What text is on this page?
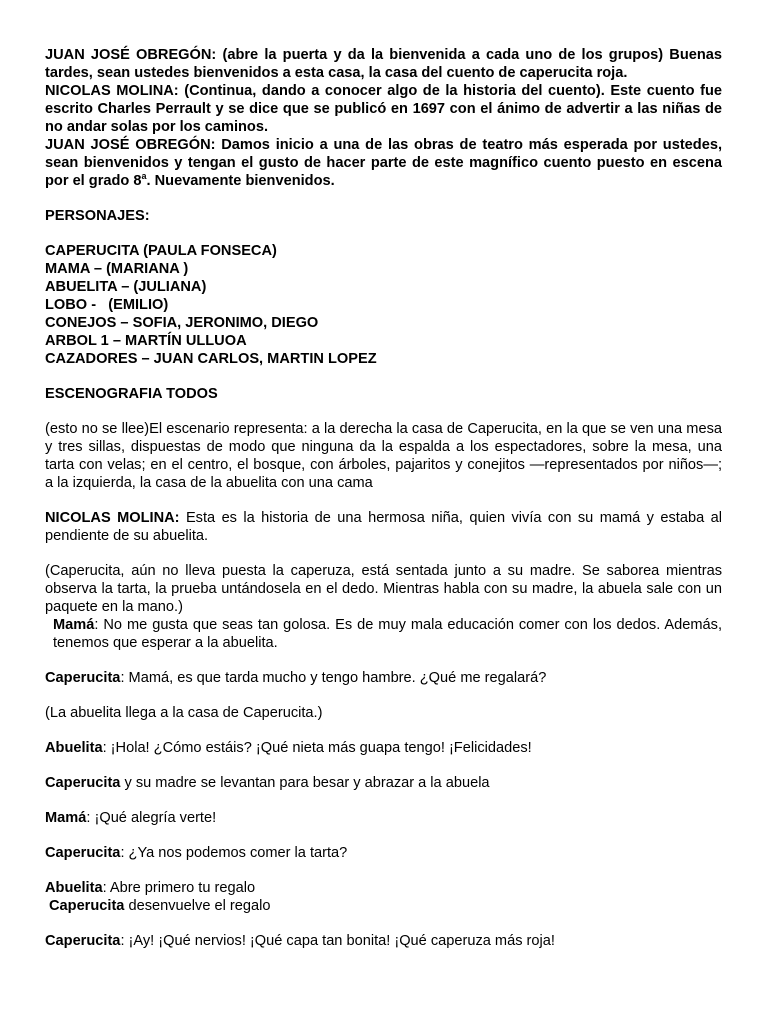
JUAN JOSÉ OBREGÓN: (abre la puerta y da la bienvenida a cada uno de los grupos) Buenas tardes, sean ustedes bienvenidos a esta casa, la casa del cuento de caperucita roja.
NICOLAS MOLINA: (Continua, dando a conocer algo de la historia del cuento). Este cuento fue escrito Charles Perrault y se dice que se publicó en 1697 con el ánimo de advertir a las niñas de no andar solas por los caminos.
JUAN JOSÉ OBREGÓN: Damos inicio a una de las obras de teatro más esperada por ustedes, sean bienvenidos y tengan el gusto de hacer parte de este magnífico cuento puesto en escena por el grado 8$^a$. Nuevamente bienvenidos.

PERSONAJES:

CAPERUCITA (PAULA FONSECA)
MAMA – (MARIANA )
ABUELITA – (JULIANA)
LOBO -   (EMILIO)
CONEJOS – SOFIA, JERONIMO, DIEGO
ARBOL 1 – MARTÍN ULLUOA
CAZADORES – JUAN CARLOS, MARTIN LOPEZ

ESCENOGRAFIA TODOS

(esto no se llee)El escenario representa: a la derecha la casa de Caperucita, en la que se ven una mesa y tres sillas, dispuestas de modo que ninguna da la espalda a los espectadores, sobre la mesa, una tarta con velas; en el centro, el bosque, con árboles, pajaritos y conejitos —representados por niños—; a la izquierda, la casa de la abuelita con una cama

NICOLAS MOLINA: Esta es la historia de una hermosa niña, quien vivía con su mamá y estaba al pendiente de su abuelita.

(Caperucita, aún no lleva puesta la caperuza, está sentada junto a su madre. Se saborea mientras observa la tarta, la prueba untándosela en el dedo. Mientras habla con su madre, la abuela sale con un paquete en la mano.)

Mamá: No me gusta que seas tan golosa. Es de muy mala educación comer con los dedos. Además, tenemos que esperar a la abuelita.

Caperucita: Mamá, es que tarda mucho y tengo hambre. ¿Qué me regalará?

(La abuelita llega a la casa de Caperucita.)

Abuelita: ¡Hola! ¿Cómo estáis? ¡Qué nieta más guapa tengo! ¡Felicidades!

Caperucita y su madre se levantan para besar y abrazar a la abuela

Mamá: ¡Qué alegría verte!

Caperucita: ¿Ya nos podemos comer la tarta?

Abuelita: Abre primero tu regalo

Caperucita desenvuelve el regalo

Caperucita: ¡Ay! ¡Qué nervios! ¡Qué capa tan bonita! ¡Qué caperuza más roja!
